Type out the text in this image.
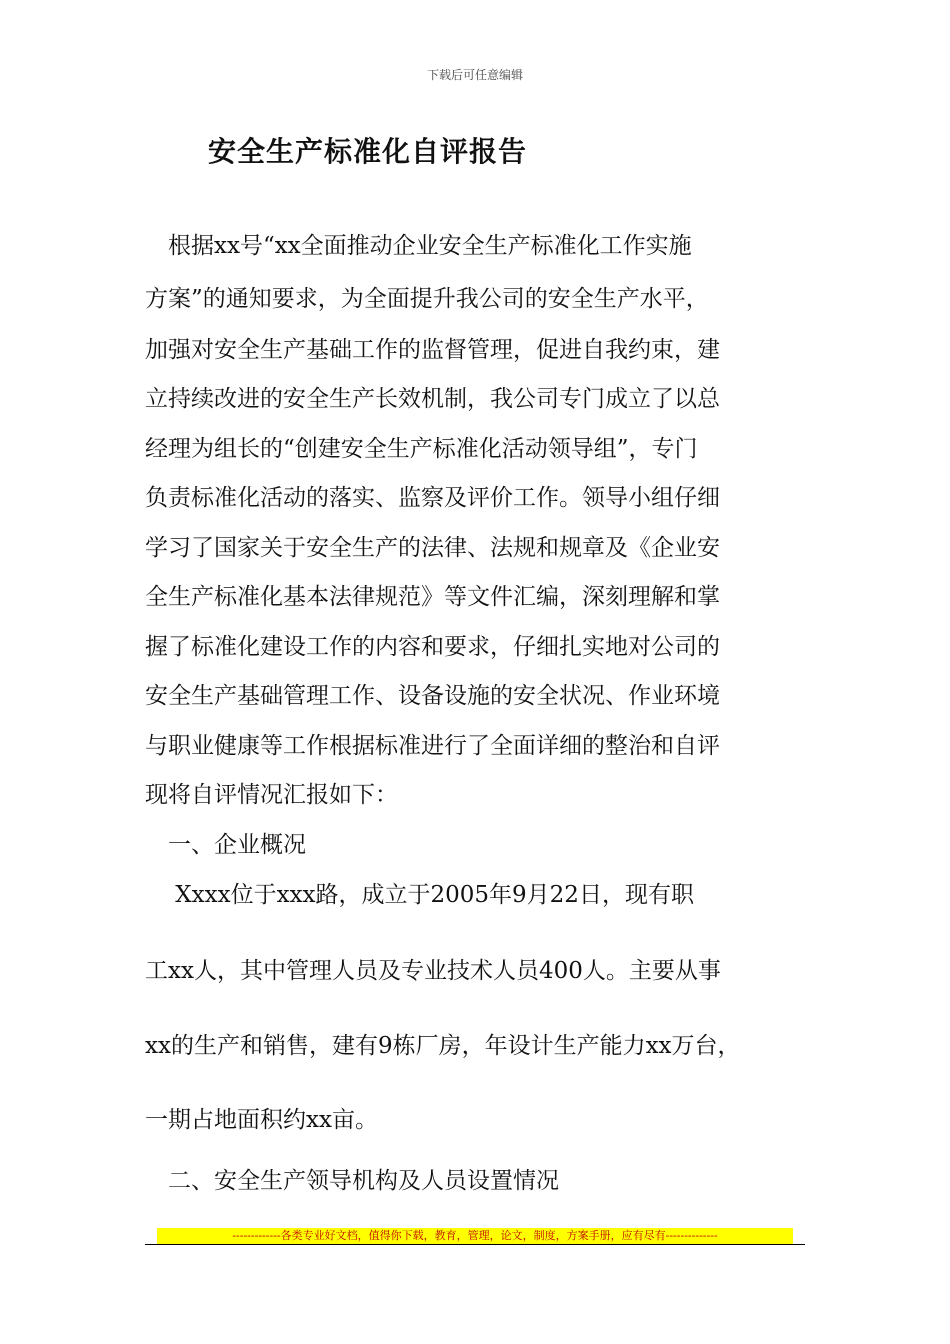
下载后可任意编辑
安全生产标准化自评报告
　根据xx号“xx全面推动企业安全生产标准化工作实施
方案”的通知要求，为全面提升我公司的安全生产水平，
加强对安全生产基础工作的监督管理，促进自我约束，建
立持续改进的安全生产长效机制，我公司专门成立了以总
经理为组长的“创建安全生产标准化活动领导组”，专门
负责标准化活动的落实、监察及评价工作。领导小组仔细
学习了国家关于安全生产的法律、法规和规章及《企业安
全生产标准化基本法律规范》等文件汇编，深刻理解和掌
握了标准化建设工作的内容和要求，仔细扎实地对公司的
安全生产基础管理工作、设备设施的安全状况、作业环境
与职业健康等工作根据标准进行了全面详细的整治和自评
现将自评情况汇报如下：
　一、企业概况
　 Xxxx位于xxx路，成立于2005年9月22日，现有职
工xx人，其中管理人员及专业技术人员400人。主要从事
xx的生产和销售，建有9栋厂房，年设计生产能力xx万台，
一期占地面积约xx亩。
　二、安全生产领导机构及人员设置情况
-------------各类专业好文档，值得你下载，教育，管理，论文，制度，方案手册，应有尽有--------------
